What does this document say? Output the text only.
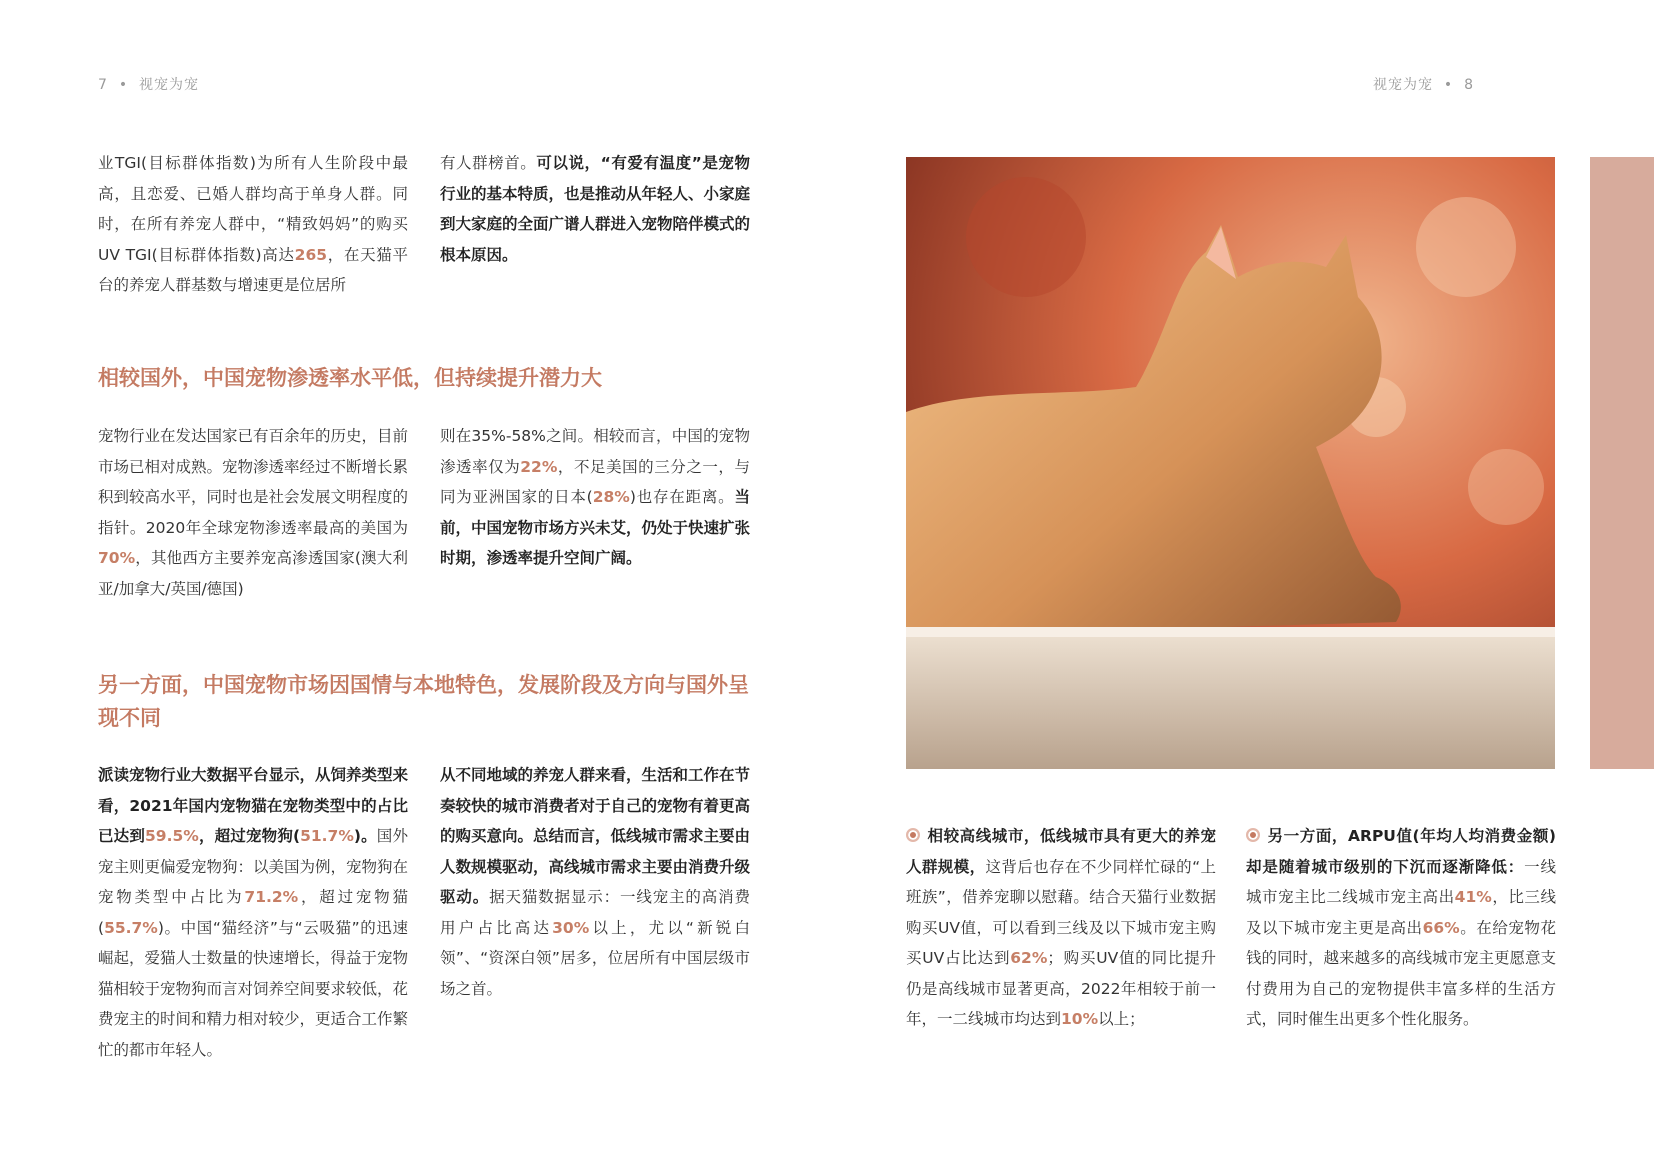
7 • 视宠为宠	视宠为宠 • 8

业TGI(目标群体指数)为所有人生阶段中最高，且恋爱、已婚人群均高于单身人群。同时，在所有养宠人群中，“精致妈妈”的购买UV TGI(目标群体指数)高达265，在天猫平台的养宠人群基数与增速更是位居所

有人群榜首。可以说，“有爱有温度”是宠物行业的基本特质，也是推动从年轻人、小家庭到大家庭的全面广谱人群进入宠物陪伴模式的根本原因。

相较国外，中国宠物渗透率水平低，但持续提升潜力大

宠物行业在发达国家已有百余年的历史，目前市场已相对成熟。宠物渗透率经过不断增长累积到较高水平，同时也是社会发展文明程度的指针。2020年全球宠物渗透率最高的美国为70%，其他西方主要养宠高渗透国家(澳大利亚/加拿大/英国/德国)

则在35%-58%之间。相较而言，中国的宠物渗透率仅为22%，不足美国的三分之一，与同为亚洲国家的日本(28%)也存在距离。当前，中国宠物市场方兴未艾，仍处于快速扩张时期，渗透率提升空间广阔。

另一方面，中国宠物市场因国情与本地特色，发展阶段及方向与国外呈现不同

派读宠物行业大数据平台显示，从饲养类型来看，2021年国内宠物猫在宠物类型中的占比已达到59.5%，超过宠物狗(51.7%)。国外宠主则更偏爱宠物狗：以美国为例，宠物狗在宠物类型中占比为71.2%，超过宠物猫(55.7%)。中国“猫经济”与“云吸猫”的迅速崛起，爱猫人士数量的快速增长，得益于宠物猫相较于宠物狗而言对饲养空间要求较低，花费宠主的时间和精力相对较少，更适合工作繁忙的都市年轻人。

从不同地域的养宠人群来看，生活和工作在节奏较快的城市消费者对于自己的宠物有着更高的购买意向。总结而言，低线城市需求主要由人数规模驱动，高线城市需求主要由消费升级驱动。据天猫数据显示：一线宠主的高消费用户占比高达30%以上，尤以“新锐白领”、“资深白领”居多，位居所有中国层级市场之首。

相较高线城市，低线城市具有更大的养宠人群规模，这背后也存在不少同样忙碌的“上班族”，借养宠聊以慰藉。结合天猫行业数据购买UV值，可以看到三线及以下城市宠主购买UV占比达到62%；购买UV值的同比提升仍是高线城市显著更高，2022年相较于前一年，一二线城市均达到10%以上；

另一方面，ARPU值(年均人均消费金额)却是随着城市级别的下沉而逐渐降低：一线城市宠主比二线城市宠主高出41%，比三线及以下城市宠主更是高出66%。在给宠物花钱的同时，越来越多的高线城市宠主更愿意支付费用为自己的宠物提供丰富多样的生活方式，同时催生出更多个性化服务。
